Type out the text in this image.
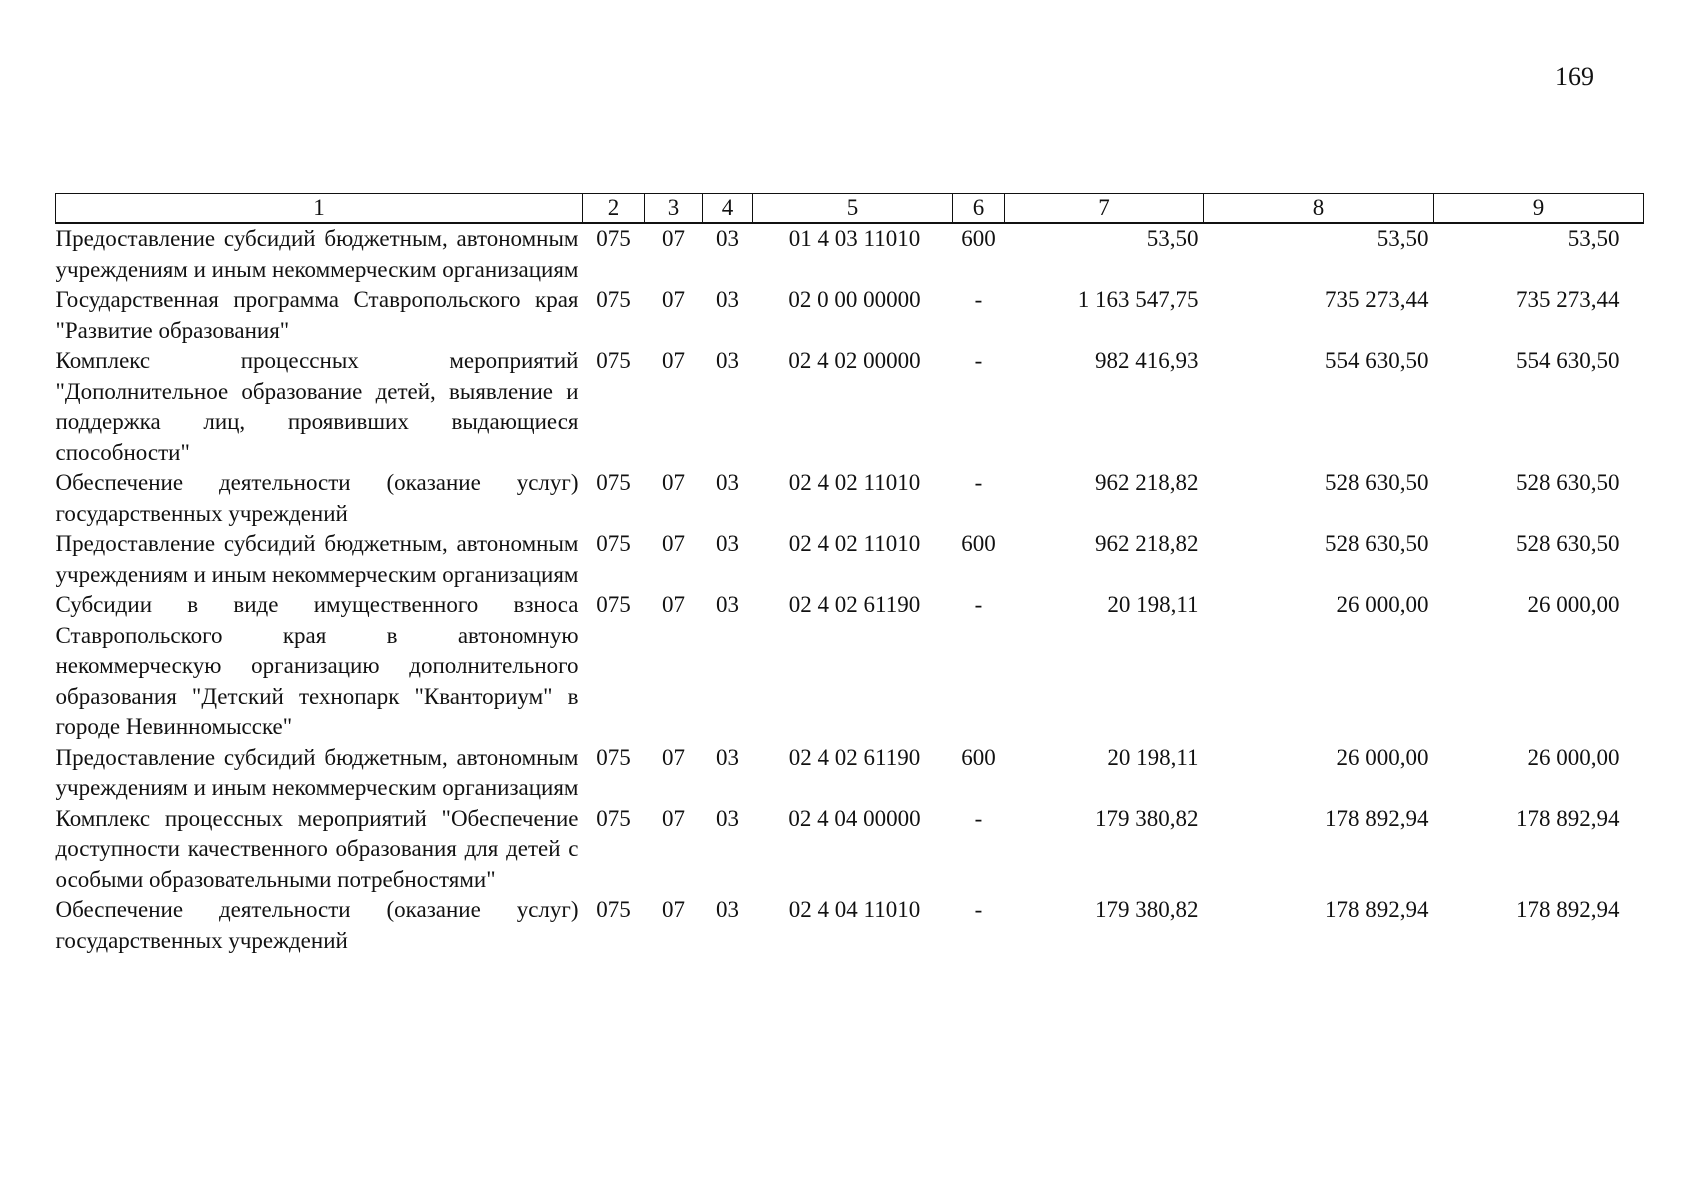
169
1	2	3	4	5	6	7	8	9
Предоставление субсидий бюджетным, автономным учреждениям и иным некоммерческим организациям	075	07	03	01 4 03 11010	600	53,50	53,50	53,50
Государственная программа Ставропольского края "Развитие образования"	075	07	03	02 0 00 00000	-	1 163 547,75	735 273,44	735 273,44
Комплекс процессных мероприятий "Дополнительное образование детей, выявление и поддержка лиц, проявивших выдающиеся способности"	075	07	03	02 4 02 00000	-	982 416,93	554 630,50	554 630,50
Обеспечение деятельности (оказание услуг) государственных учреждений	075	07	03	02 4 02 11010	-	962 218,82	528 630,50	528 630,50
Предоставление субсидий бюджетным, автономным учреждениям и иным некоммерческим организациям	075	07	03	02 4 02 11010	600	962 218,82	528 630,50	528 630,50
Субсидии в виде имущественного взноса Ставропольского края в автономную некоммерческую организацию дополнительного образования "Детский технопарк "Кванториум" в городе Невинномысске"	075	07	03	02 4 02 61190	-	20 198,11	26 000,00	26 000,00
Предоставление субсидий бюджетным, автономным учреждениям и иным некоммерческим организациям	075	07	03	02 4 02 61190	600	20 198,11	26 000,00	26 000,00
Комплекс процессных мероприятий "Обеспечение доступности качественного образования для детей с особыми образовательными потребностями"	075	07	03	02 4 04 00000	-	179 380,82	178 892,94	178 892,94
Обеспечение деятельности (оказание услуг) государственных учреждений	075	07	03	02 4 04 11010	-	179 380,82	178 892,94	178 892,94
